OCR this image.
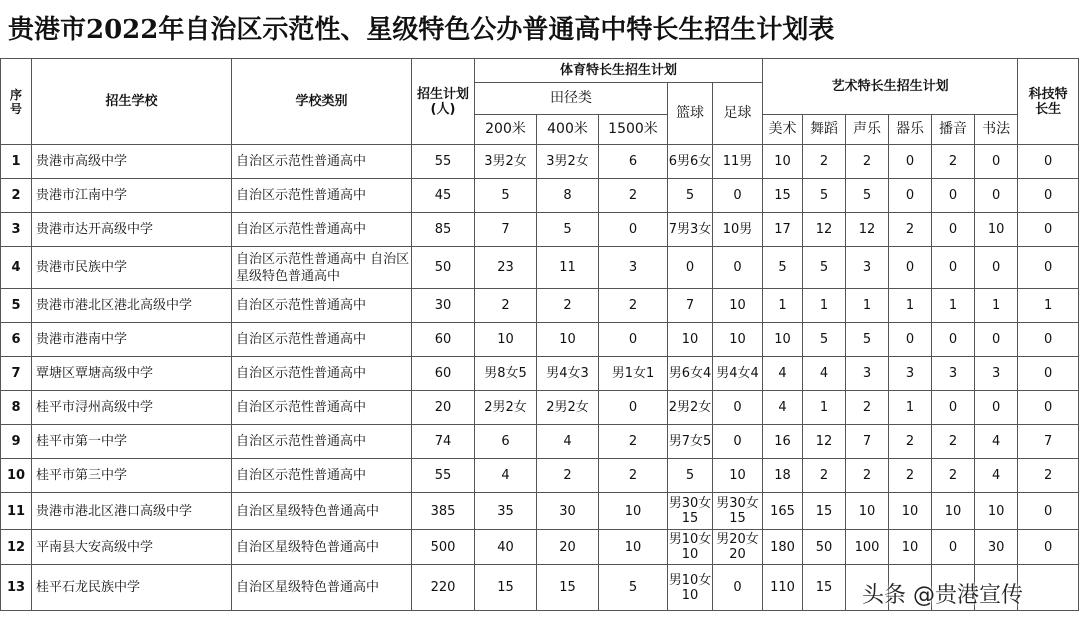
贵港市2022年自治区示范性、星级特色公办普通高中特长生招生计划表
序号	招生学校	学校类别	招生计划(人)	体育特长生招生计划					艺术特长生招生计划						科技特长生
				田径类			篮球	足球							
				200米	400米	1500米			美术	舞蹈	声乐	器乐	播音	书法	
1	贵港市高级中学	自治区示范性普通高中	55	3男2女	3男2女	6	6男6女	11男	10	2	2	0	2	0	0
2	贵港市江南中学	自治区示范性普通高中	45	5	8	2	5	0	15	5	5	0	0	0	0
3	贵港市达开高级中学	自治区示范性普通高中	85	7	5	0	7男3女	10男	17	12	12	2	0	10	0
4	贵港市民族中学	自治区示范性普通高中 自治区星级特色普通高中	50	23	11	3	0	0	5	5	3	0	0	0	0
5	贵港市港北区港北高级中学	自治区示范性普通高中	30	2	2	2	7	10	1	1	1	1	1	1	1
6	贵港市港南中学	自治区示范性普通高中	60	10	10	0	10	10	10	5	5	0	0	0	0
7	覃塘区覃塘高级中学	自治区示范性普通高中	60	男8女5	男4女3	男1女1	男6女4	男4女4	4	4	3	3	3	3	0
8	桂平市浔州高级中学	自治区示范性普通高中	20	2男2女	2男2女	0	2男2女	0	4	1	2	1	0	0	0
9	桂平市第一中学	自治区示范性普通高中	74	6	4	2	男7女5	0	16	12	7	2	2	4	7
10	桂平市第三中学	自治区示范性普通高中	55	4	2	2	5	10	18	2	2	2	2	4	2
11	贵港市港北区港口高级中学	自治区星级特色普通高中	385	35	30	10	男30女15	男30女15	165	15	10	10	10	10	0
12	平南县大安高级中学	自治区星级特色普通高中	500	40	20	10	男10女10	男20女20	180	50	100	10	0	30	0
13	桂平石龙民族中学	自治区星级特色普通高中	220	15	15	5	男10女10	0	110	15					头条 @贵港宣传
